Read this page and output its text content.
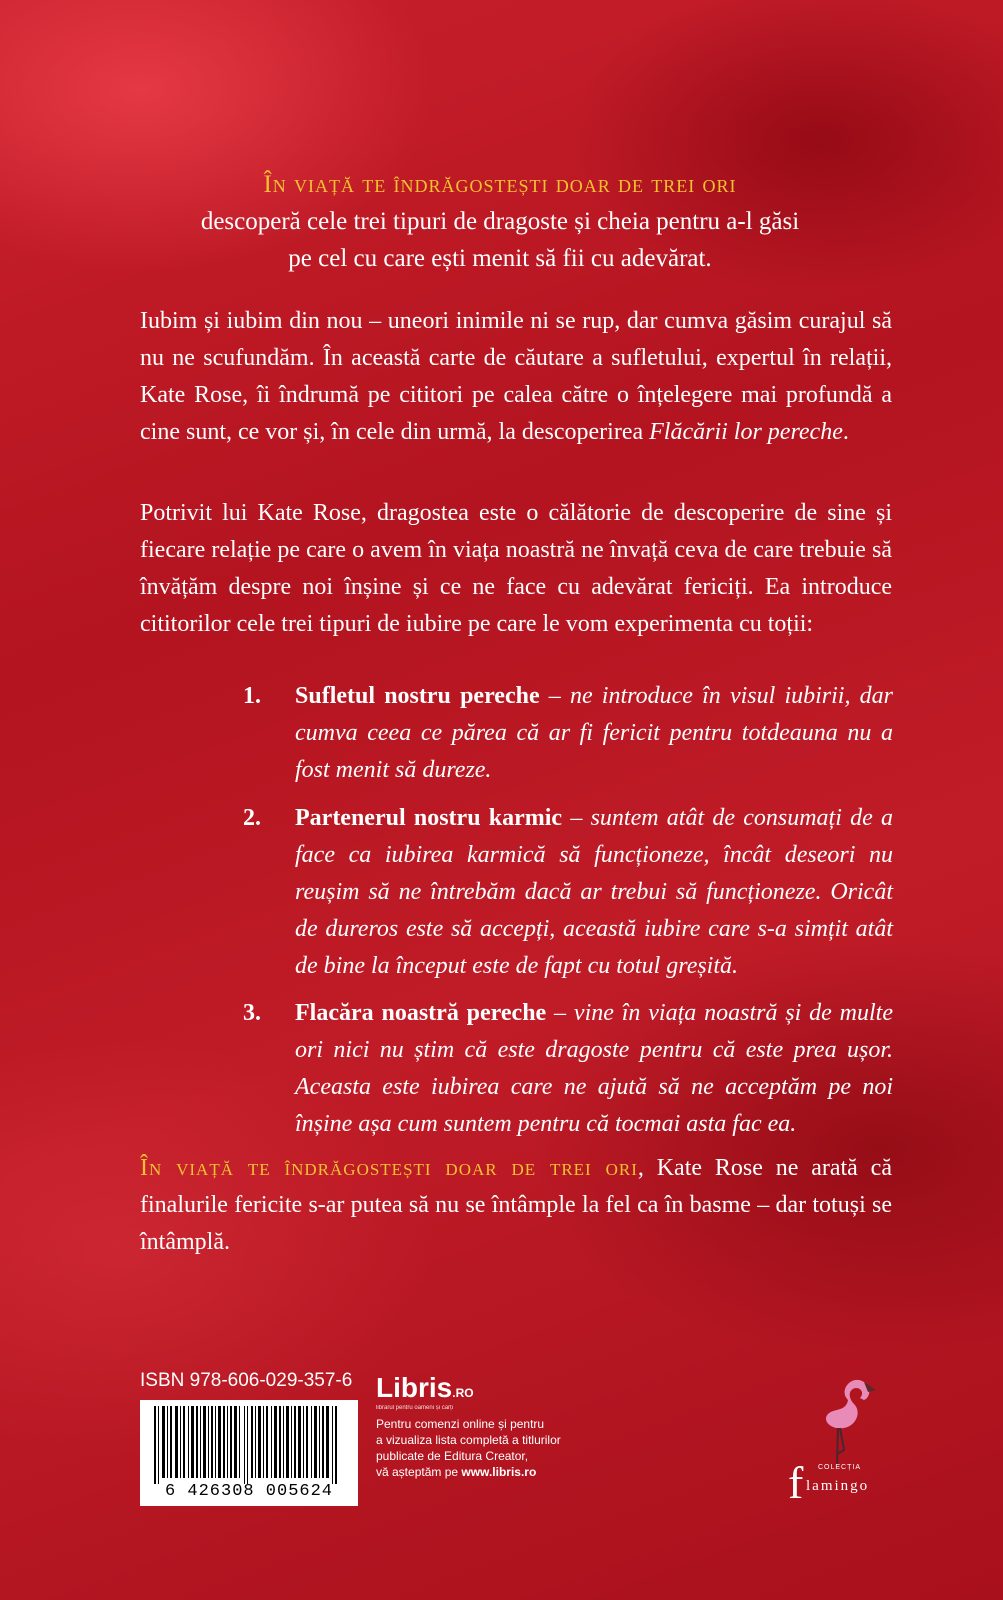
În viață te îndrăgostești doar de trei ori
descoperă cele trei tipuri de dragoste și cheia pentru a-l găsi
pe cel cu care ești menit să fii cu adevărat.

Iubim și iubim din nou – uneori inimile ni se rup, dar cumva găsim curajul să nu ne scufundăm. În această carte de căutare a sufletului, expertul în relații, Kate Rose, îi îndrumă pe cititori pe calea către o înțelegere mai profundă a cine sunt, ce vor și, în cele din urmă, la descoperirea Flăcării lor pereche.

Potrivit lui Kate Rose, dragostea este o călătorie de descoperire de sine și fiecare relație pe care o avem în viața noastră ne învață ceva de care trebuie să învățăm despre noi înșine și ce ne face cu adevărat fericiți. Ea introduce cititorilor cele trei tipuri de iubire pe care le vom experimenta cu toții:

1. Sufletul nostru pereche – ne introduce în visul iubirii, dar cumva ceea ce părea că ar fi fericit pentru totdeauna nu a fost menit să dureze.
2. Partenerul nostru karmic – suntem atât de consumați de a face ca iubirea karmică să funcționeze, încât deseori nu reușim să ne întrebăm dacă ar trebui să funcționeze. Oricât de dureros este să accepți, această iubire care s-a simțit atât de bine la început este de fapt cu totul greșită.
3. Flacăra noastră pereche – vine în viața noastră și de multe ori nici nu știm că este dragoste pentru că este prea ușor. Aceasta este iubirea care ne ajută să ne acceptăm pe noi înșine așa cum suntem pentru că tocmai asta fac ea.

În viață te îndrăgostești doar de trei ori, Kate Rose ne arată că finalurile fericite s-ar putea să nu se întâmple la fel ca în basme – dar totuși se întâmplă.

ISBN 978-606-029-357-6
6 426308 005624
Libris.RO
librarul pentru oameni și cărți
Pentru comenzi online și pentru
a vizualiza lista completă a titlurilor
publicate de Editura Creator,
vă așteptăm pe www.libris.ro	COLECȚIA
f lamingo
